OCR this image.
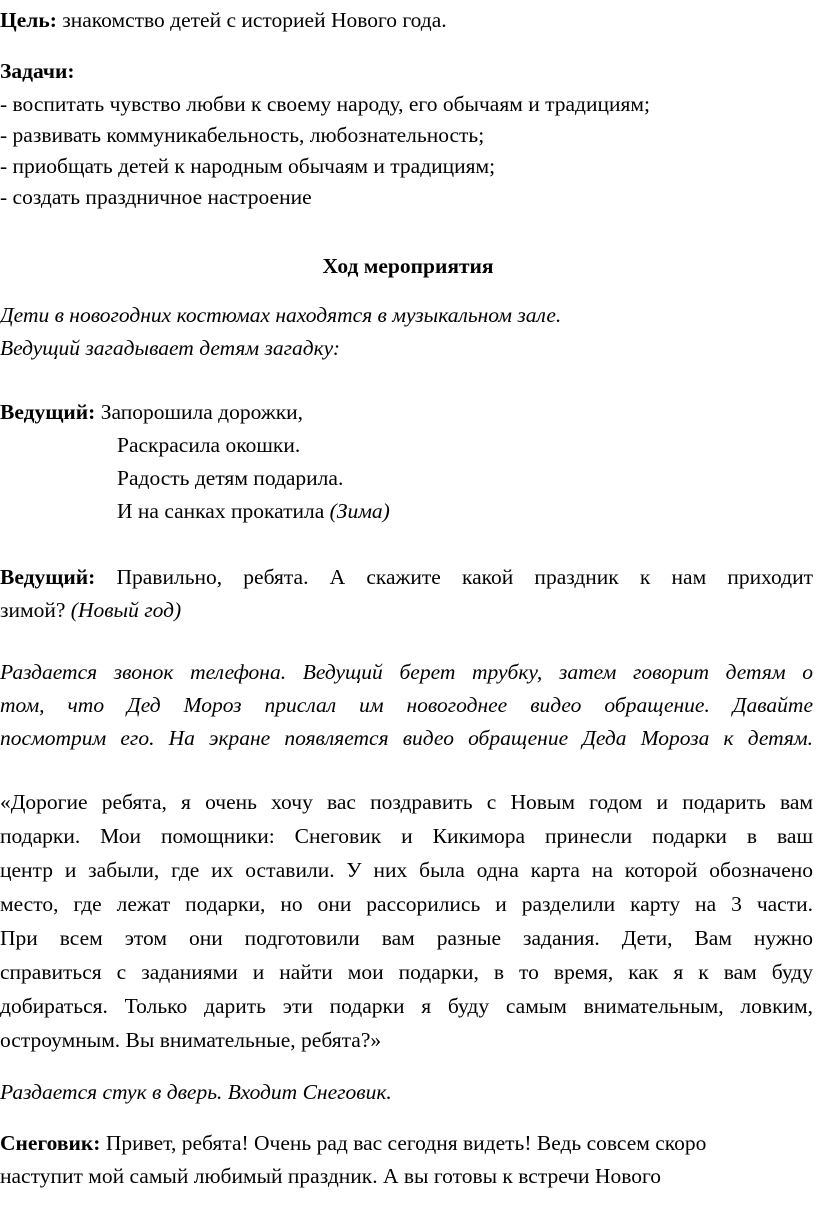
Цель: знакомство детей с историей Нового года.
Задачи:
- воспитать чувство любви к своему народу, его обычаям и традициям;
- развивать коммуникабельность, любознательность;
- приобщать детей к народным обычаям и традициям;
- создать праздничное настроение
Ход мероприятия
Дети в новогодних костюмах находятся в музыкальном зале.
Ведущий загадывает детям загадку:
Ведущий: Запорошила дорожки,
Раскрасила окошки.
Радость детям подарила.
И на санках прокатила (Зима)
Ведущий: Правильно, ребята. А скажите какой праздник к нам приходит
зимой? (Новый год)
Раздается звонок телефона. Ведущий берет трубку, затем говорит детям о
том, что Дед Мороз прислал им новогоднее видео обращение. Давайте
посмотрим его. На экране появляется видео обращение Деда Мороза к детям.
«Дорогие ребята, я очень хочу вас поздравить с Новым годом и подарить вам
подарки. Мои помощники: Снеговик и Кикимора принесли подарки в ваш
центр и забыли, где их оставили. У них была одна карта на которой обозначено
место, где лежат подарки, но они рассорились и разделили карту на 3 части.
При всем этом они подготовили вам разные задания. Дети, Вам нужно
справиться с заданиями и найти мои подарки, в то время, как я к вам буду
добираться. Только дарить эти подарки я буду самым внимательным, ловким,
остроумным. Вы внимательные, ребята?»
Раздается стук в дверь. Входит Снеговик.
Снеговик: Привет, ребята! Очень рад вас сегодня видеть! Ведь совсем скоро
наступит мой самый любимый праздник. А вы готовы к встречи Нового
